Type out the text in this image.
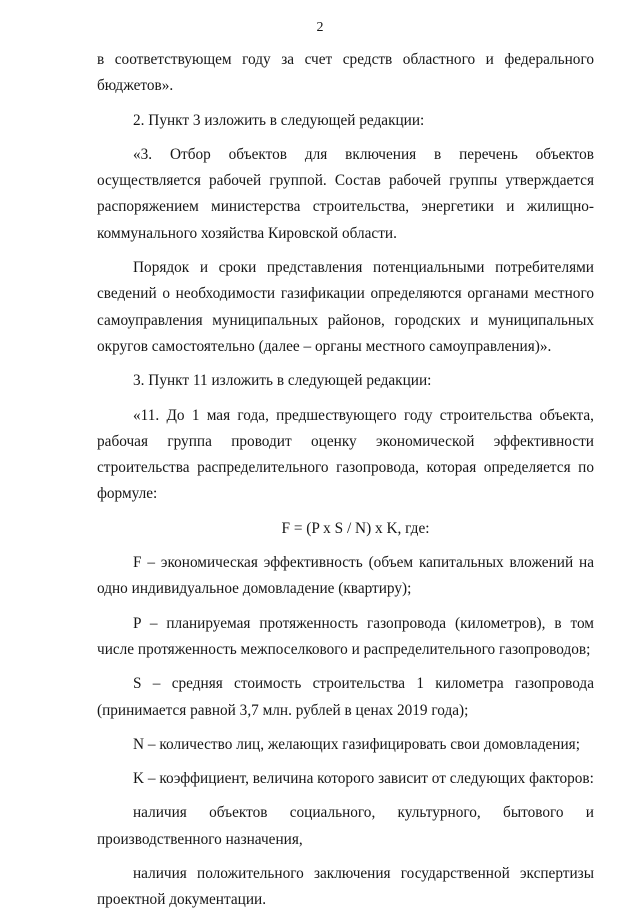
2

в соответствующем году за счет средств областного и федерального бюджетов».

2. Пункт 3 изложить в следующей редакции:

«3. Отбор объектов для включения в перечень объектов осуществляется рабочей группой. Состав рабочей группы утверждается распоряжением министерства строительства, энергетики и жилищно-коммунального хозяйства Кировской области.

Порядок и сроки представления потенциальными потребителями сведений о необходимости газификации определяются органами местного самоуправления муниципальных районов, городских и муниципальных округов самостоятельно (далее – органы местного самоуправления)».

3. Пункт 11 изложить в следующей редакции:

«11. До 1 мая года, предшествующего году строительства объекта, рабочая группа проводит оценку экономической эффективности строительства распределительного газопровода, которая определяется по формуле:

F = (P x S / N) x K, где:

F – экономическая эффективность (объем капитальных вложений на одно индивидуальное домовладение (квартиру);

P – планируемая протяженность газопровода (километров), в том числе протяженность межпоселкового и распределительного газопроводов;

S – средняя стоимость строительства 1 километра газопровода (принимается равной 3,7 млн. рублей в ценах 2019 года);

N – количество лиц, желающих газифицировать свои домовладения;

K – коэффициент, величина которого зависит от следующих факторов:

наличия объектов социального, культурного, бытового и производственного назначения,

наличия положительного заключения государственной экспертизы проектной документации.
